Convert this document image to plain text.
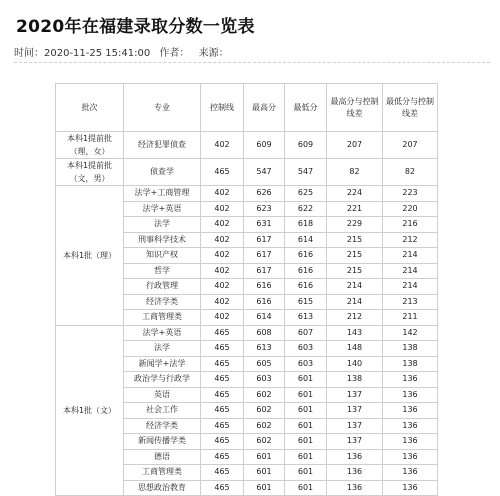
2020年在福建录取分数一览表
时间：2020-11-25 15:41:00 作者： 来源：
批次	专业	控制线	最高分	最低分	最高分与控制线差	最低分与控制线差
本科1提前批（理，女）	经济犯罪侦查	402	609	609	207	207
本科1提前批（文，男）	侦查学	465	547	547	82	82
本科1批（理）	法学+工商管理	402	626	625	224	223
	法学+英语	402	623	622	221	220
	法学	402	631	618	229	216
	刑事科学技术	402	617	614	215	212
	知识产权	402	617	616	215	214
	哲学	402	617	616	215	214
	行政管理	402	616	616	214	214
	经济学类	402	616	615	214	213
	工商管理类	402	614	613	212	211
本科1批（文）	法学+英语	465	608	607	143	142
	法学	465	613	603	148	138
	新闻学+法学	465	605	603	140	138
	政治学与行政学	465	603	601	138	136
	英语	465	602	601	137	136
	社会工作	465	602	601	137	136
	经济学类	465	602	601	137	136
	新闻传播学类	465	602	601	137	136
	德语	465	601	601	136	136
	工商管理类	465	601	601	136	136
	思想政治教育	465	601	601	136	136
